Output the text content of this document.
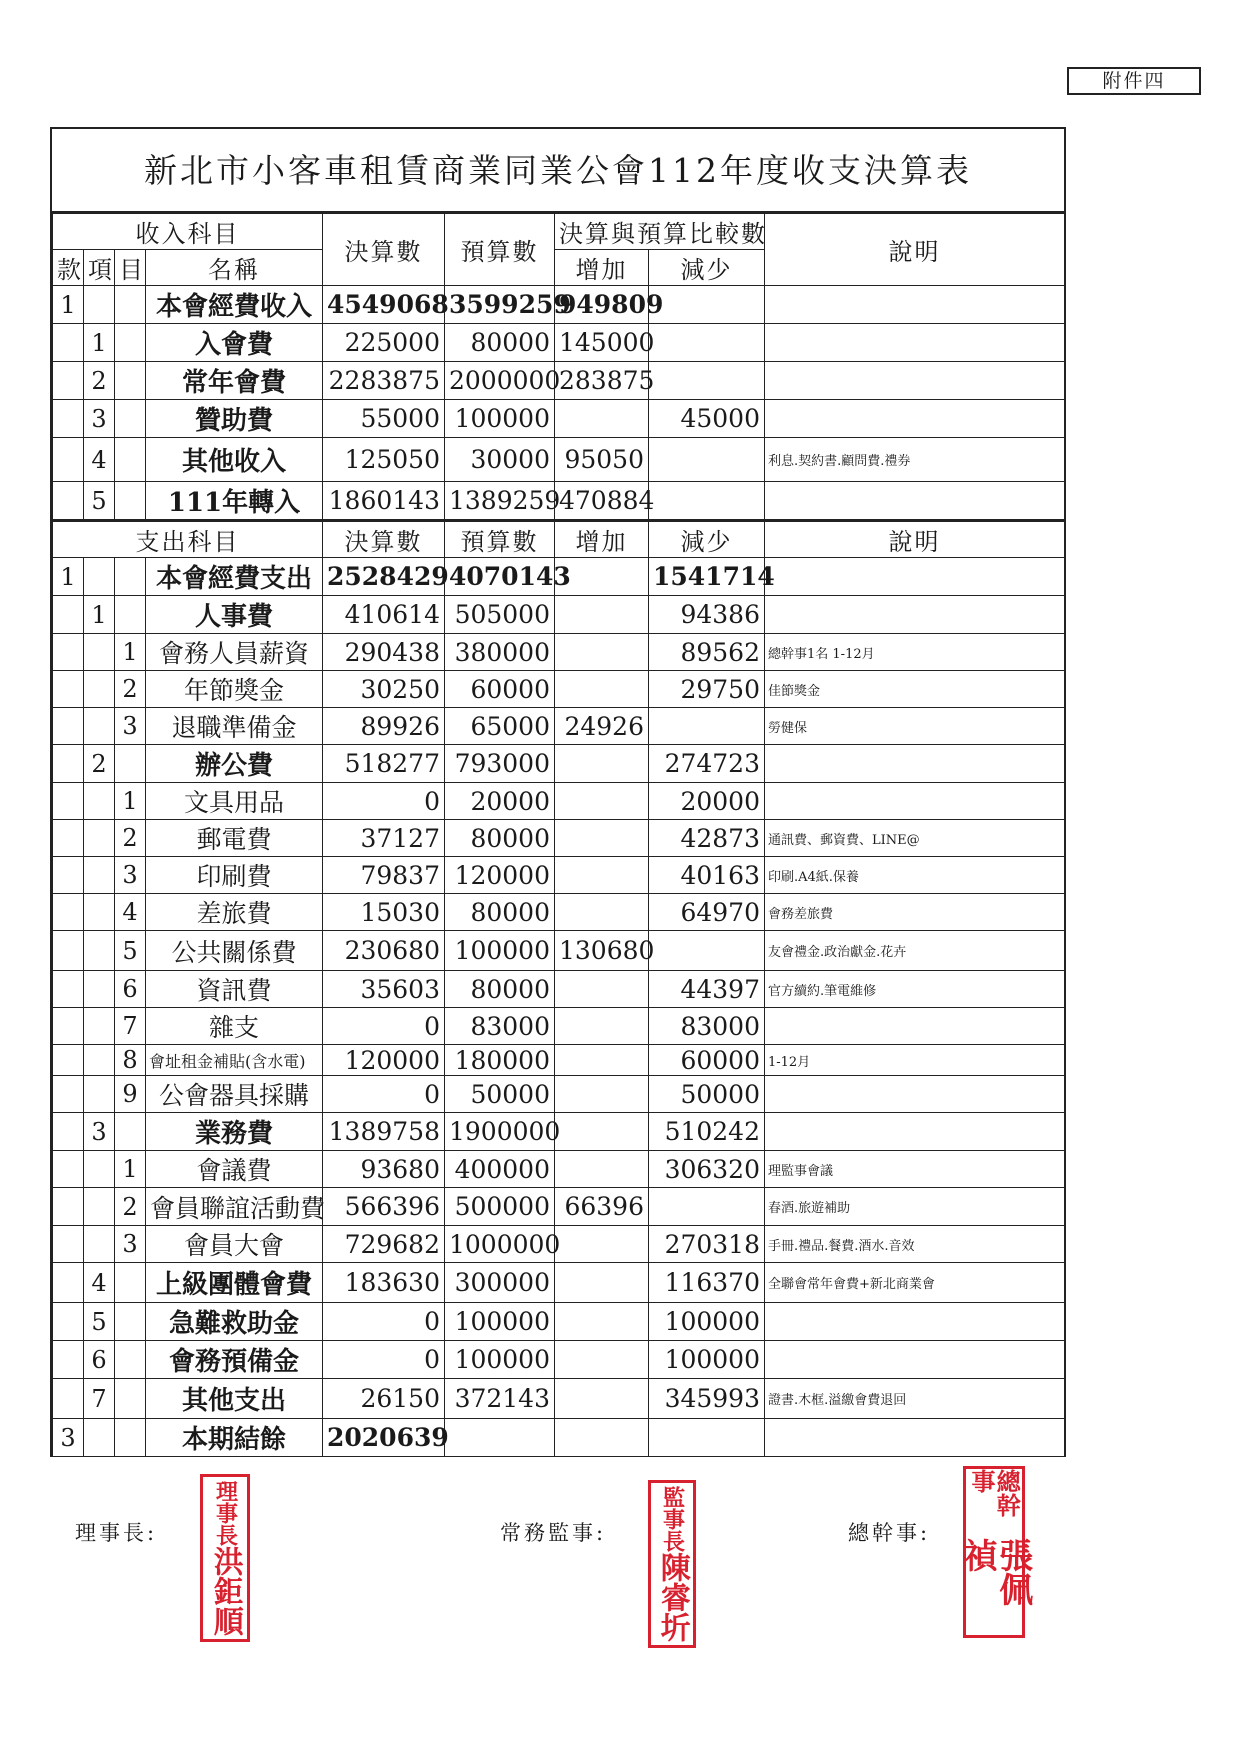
附件四
新北市小客車租賃商業同業公會112年度收支決算表
收入科目				決算數	預算數	決算與預算比較數		說明
款	項	目	名稱			增加	減少	
1			本會經費收入	4549068	3599259	949809		
	1		入會費	225000	80000	145000		
	2		常年會費	2283875	2000000	283875		
	3		贊助費	55000	100000		45000	
	4		其他收入	125050	30000	95050		利息.契約書.顧問費.禮券
	5		111年轉入	1860143	1389259	470884		
支出科目				決算數	預算數	增加	減少	說明
1			本會經費支出	2528429	4070143		1541714	
	1		人事費	410614	505000		94386	
		1	會務人員薪資	290438	380000		89562	總幹事1名 1-12月
		2	年節獎金	30250	60000		29750	佳節獎金
		3	退職準備金	89926	65000	24926		勞健保
	2		辦公費	518277	793000		274723	
		1	文具用品	0	20000		20000	
		2	郵電費	37127	80000		42873	通訊費、郵資費、LINE@
		3	印刷費	79837	120000		40163	印刷.A4紙.保養
		4	差旅費	15030	80000		64970	會務差旅費
		5	公共關係費	230680	100000	130680		友會禮金.政治獻金.花卉
		6	資訊費	35603	80000		44397	官方續約.筆電維修
		7	雜支	0	83000		83000	
		8	會址租金補貼(含水電)	120000	180000		60000	1-12月
		9	公會器具採購	0	50000		50000	
	3		業務費	1389758	1900000		510242	
		1	會議費	93680	400000		306320	理監事會議
		2	會員聯誼活動費	566396	500000	66396		春酒.旅遊補助
		3	會員大會	729682	1000000		270318	手冊.禮品.餐費.酒水.音效
	4		上級團體會費	183630	300000		116370	全聯會常年會費+新北商業會
	5		急難救助金	0	100000		100000	
	6		會務預備金	0	100000		100000	
	7		其他支出	26150	372143		345993	證書.木框.溢繳會費退回
3			本期結餘	2020639				
理事長:	理事長
洪鉅順
常務監事: 監事長
陳睿圻
總幹事:
總幹事
張佩禎
